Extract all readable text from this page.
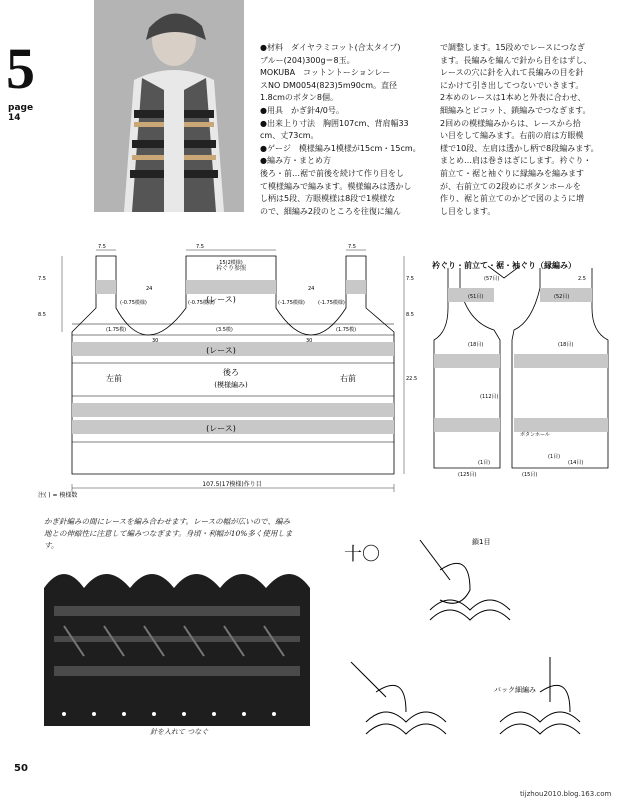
5
page
14

●材料　ダイヤラミコット(合太タイプ)

ブルー(204)300g＝8玉。

MOKUBA　コットントーションレー

スNO DM0054(823)5m90cm。直径

1.8cmのボタン8個。

●用具　かぎ針4/0号。

●出来上り寸法　胸囲107cm、背肩幅33

cm、丈73cm。

●ゲージ　模様編み1模様が15cm・15cm。

●編み方・まとめ方

後ろ・前…裾で前後を続けて作り目をし

て模様編みで編みます。模様編みは透かし

し柄は5段、方眼模様は8段で1模様な

ので、細編み2段のところを往復に編ん

で調整します。15段めでレースにつなぎ

ます。長編みを編んで針から目をはずし、

レースの穴に針を入れて長編みの目を針

にかけて引き出してつないでいきます。

2本めのレースは1本めと外表に合わせ、

細編みとピコット、鎖編みでつなぎます。

2回めの模様編みからは、レースから拾

い目をして編みます。右前の肩は方眼模

様で10段、左肩は透かし柄で8段編みます。

まとめ…肩は巻きはぎにします。衿ぐり・

前立て・裾と袖ぐりに縁編みを編みます

が、右前立ての2段めにボタンホールを

作り、裾と前立てのかどで図のように増

し目をします。

(レース)
(レース)
(レース)
左前
後ろ
(模様編み)
右前
107.5(17模様)作り目
衿ぐり参照
注( ) = 模様数
7.5	7.5	7.5
7.5
8.5
7.5
8.5
22.5
24	24
15(2模様)
(-0.75模様)	(-0.75模様)	(-1.75模様)	(-1.75模様)
(1.75模)	(3.5模)	(1.75模)
30	30
衿ぐり・前立て・裾・袖ぐり（縁編み）
(57目)
(51目)	(52目)
(18目)	(18目)
(112目)
ボタンホール
(1目)
(125目)	(15目)
(14目)
2.5
(1目)
かぎ針編みの間にレースを編み合わせます。レースの幅が広いので、編み地との伸縮性に注意して編みつなぎます。身頃・利幅が10%多く使用します。
針を入れて つなぐ
十〇
鎖1目
バック細編み
50
tijzhou2010.blog.163.com
